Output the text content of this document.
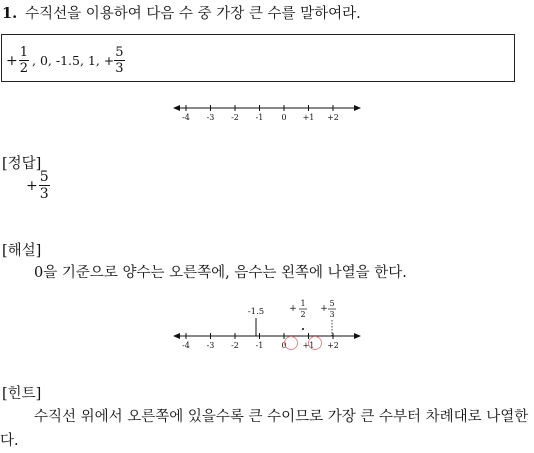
1. 수직선을 이용하여 다음 수 중 가장 큰 수를 말하여라.
+ $\frac{1}{2}$ , 0, -1.5, 1, + $\frac{5}{3}$
-4 -3 -2 -1 0 +1 +2
[정답]
+ $\frac{5}{3}$
[해설]
0을 기준으로 양수는 오른쪽에, 음수는 왼쪽에 나열을 한다.
-4 -3 -2 -1 0 +1 +2
-1.5	+
1
2
+
5
3
[힌트]
수직선 위에서 오른쪽에 있을수록 큰 수이므로 가장 큰 수부터 차례대로 나열한다.
